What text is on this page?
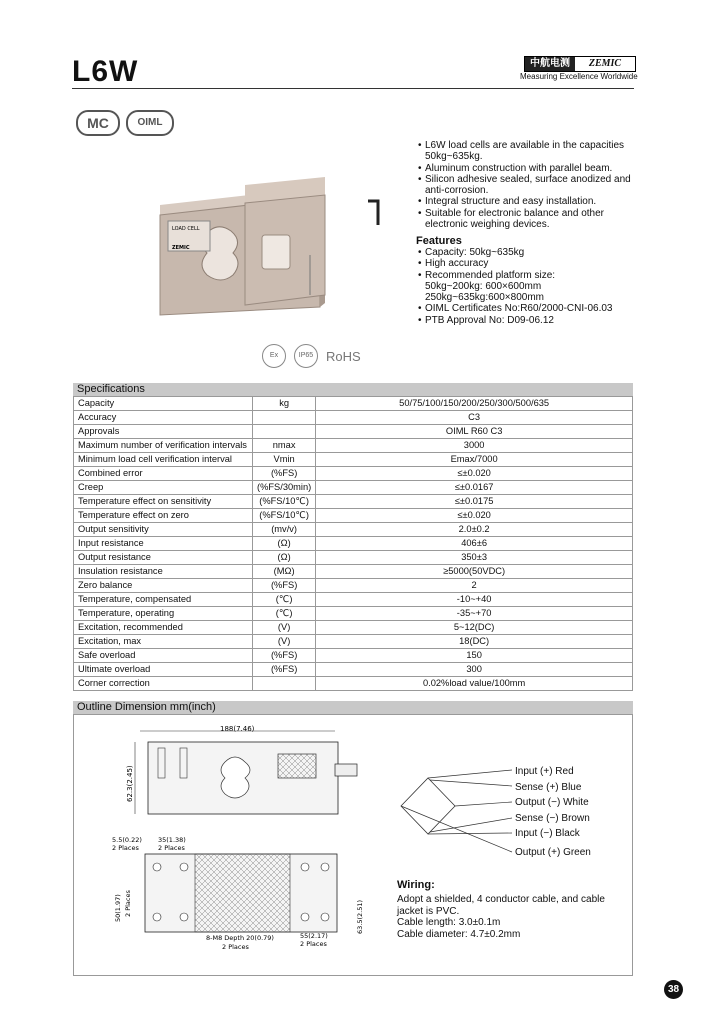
L6W	中航电测	ZEMIC
Measuring Excellence Worldwide
MC	OIML
LOAD CELL
ZEMIC
• L6W load cells are available in the capacities 50kg~635kg.
• Aluminum construction with parallel beam.
• Silicon adhesive sealed, surface anodized and anti-corrosion.
• Integral structure and easy installation.
• Suitable for electronic balance and other electronic weighing devices.
Features
• Capacity: 50kg~635kg
• High accuracy
• Recommended platform size:
50kg~200kg: 600×600mm
250kg~635kg:600×800mm
• OIML Certificates No:R60/2000-CNI-06.03
• PTB Approval No: D09-06.12
Ex	IP65 RoHS
Specifications
Capacity	kg	50/75/100/150/200/250/300/500/635
Accuracy		C3
Approvals		OIML R60 C3
Maximum number of verification intervals	nmax	3000
Minimum load cell verification interval	Vmin	Emax/7000
Combined error	(%FS)	≤±0.020
Creep	(%FS/30min)	≤±0.0167
Temperature effect on sensitivity	(%FS/10℃)	≤±0.0175
Temperature effect on zero	(%FS/10℃)	≤±0.020
Output sensitivity	(mv/v)	2.0±0.2
Input resistance	(Ω)	406±6
Output resistance	(Ω)	350±3
Insulation resistance	(MΩ)	≥5000(50VDC)
Zero balance	(%FS)	2
Temperature, compensated	(℃)	-10~+40
Temperature, operating	(℃)	-35~+70
Excitation, recommended	(V)	5~12(DC)
Excitation, max	(V)	18(DC)
Safe overload	(%FS)	150
Ultimate overload	(%FS)	300
Corner correction		0.02%load value/100mm
Outline Dimension mm(inch)
188(7.46)
62.3(2.45)
5.5(0.22)
2 Places
35(1.38)
2 Places
50(1.97) 2 Places	63.5(2.51)
8-M8 Depth 20(0.79)
2 Places
55(2.17)
2 Places
Input (+) Red
Sense (+) Blue
Output (−) White
Sense (−) Brown
Input (−) Black
Output (+) Green
Wiring:
Adopt a shielded, 4 conductor cable, and cable jacket is PVC.
Cable length: 3.0±0.1m
Cable diameter: 4.7±0.2mm
38
